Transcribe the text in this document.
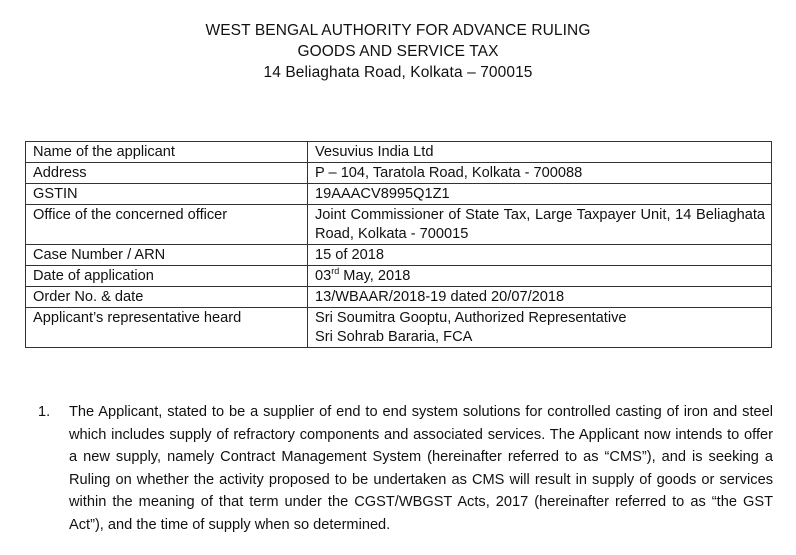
WEST BENGAL AUTHORITY FOR ADVANCE RULING
GOODS AND SERVICE TAX
14 Beliaghata Road, Kolkata – 700015
Name of the applicant	Vesuvius India Ltd
Address	P – 104, Taratola Road, Kolkata - 700088
GSTIN	19AAACV8995Q1Z1
Office of the concerned officer	Joint Commissioner of State Tax, Large Taxpayer Unit, 14 Beliaghata Road, Kolkata - 700015
Case Number / ARN	15 of 2018
Date of application	03rd May, 2018
Order No. & date	13/WBAAR/2018-19 dated 20/07/2018
Applicant’s representative heard	Sri Soumitra Gooptu, Authorized Representative
Sri Sohrab Bararia, FCA
1.	The Applicant, stated to be a supplier of end to end system solutions for controlled casting of iron and steel which includes supply of refractory components and associated services. The Applicant now intends to offer a new supply, namely Contract Management System (hereinafter referred to as “CMS”), and is seeking a Ruling on whether the activity proposed to be undertaken as CMS will result in supply of goods or services within the meaning of that term under the CGST/WBGST Acts, 2017 (hereinafter referred to as “the GST Act”), and the time of supply when so determined.
